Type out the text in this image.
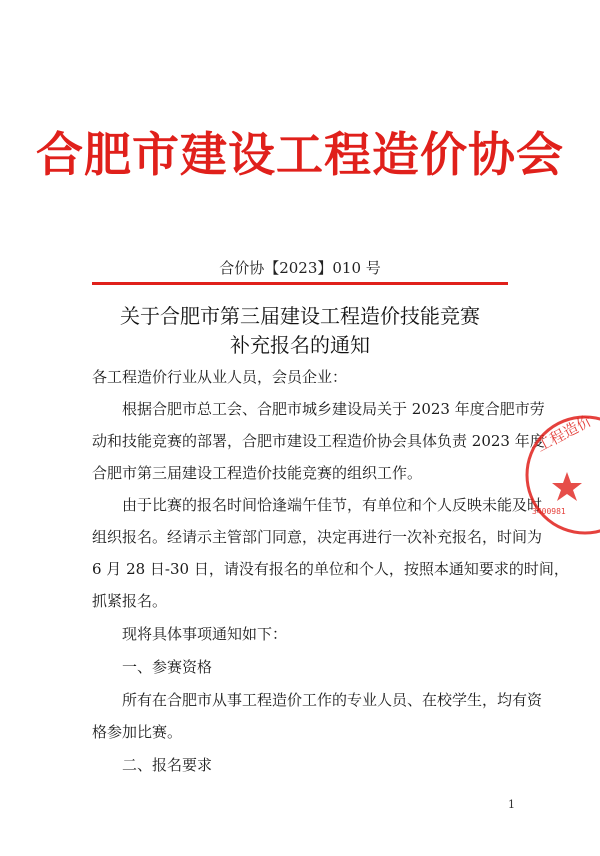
合肥市建设工程造价协会
合价协【2023】010 号
关于合肥市第三届建设工程造价技能竞赛
补充报名的通知
各工程造价行业从业人员，会员企业：
根据合肥市总工会、合肥市城乡建设局关于 2023 年度合肥市劳
动和技能竞赛的部署，合肥市建设工程造价协会具体负责 2023 年度
合肥市第三届建设工程造价技能竞赛的组织工作。
由于比赛的报名时间恰逢端午佳节，有单位和个人反映未能及时
组织报名。经请示主管部门同意，决定再进行一次补充报名，时间为
6 月 28 日-30 日，请没有报名的单位和个人，按照本通知要求的时间，
抓紧报名。
现将具体事项通知如下：
一、参赛资格
所有在合肥市从事工程造价工作的专业人员、在校学生，均有资
格参加比赛。
二、报名要求
工程造价
3400981
1
